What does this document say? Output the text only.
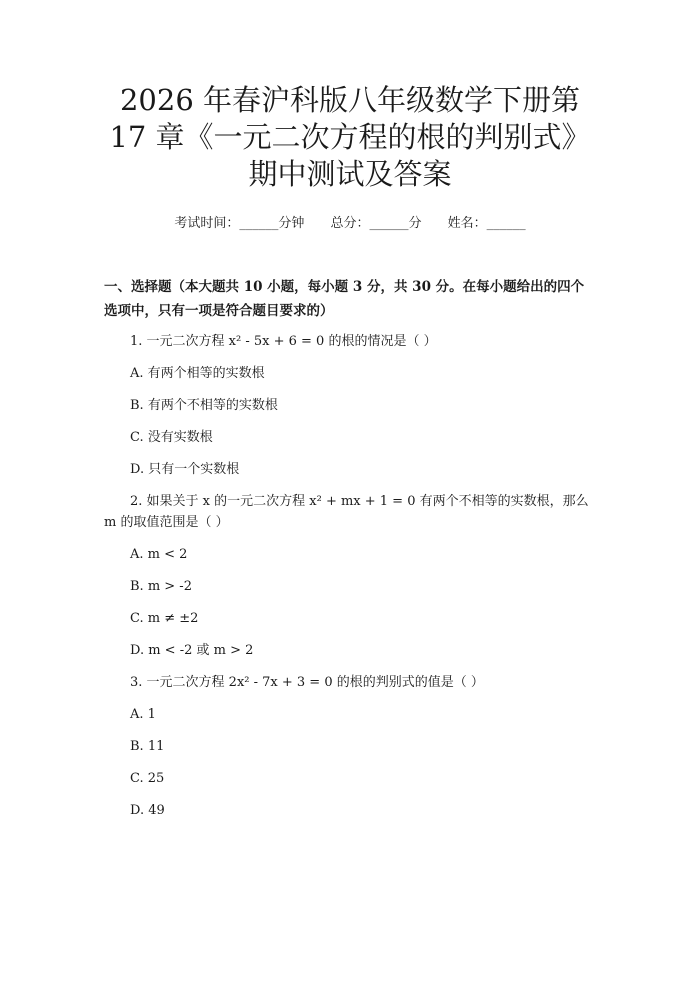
2026 年春沪科版八年级数学下册第 17 章《一元二次方程的根的判别式》期中测试及答案
考试时间：______分钟 总分：______分 姓名：______
一、选择题（本大题共 10 小题，每小题 3 分，共 30 分。在每小题给出的四个选项中，只有一项是符合题目要求的）
1. 一元二次方程 x² - 5x + 6 = 0 的根的情况是（ ）
A. 有两个相等的实数根
B. 有两个不相等的实数根
C. 没有实数根
D. 只有一个实数根
2. 如果关于 x 的一元二次方程 x² + mx + 1 = 0 有两个不相等的实数根，那么 m 的取值范围是（ ）
A. m < 2
B. m > -2
C. m ≠ ±2
D. m < -2 或 m > 2
3. 一元二次方程 2x² - 7x + 3 = 0 的根的判别式的值是（ ）
A. 1
B. 11
C. 25
D. 49
